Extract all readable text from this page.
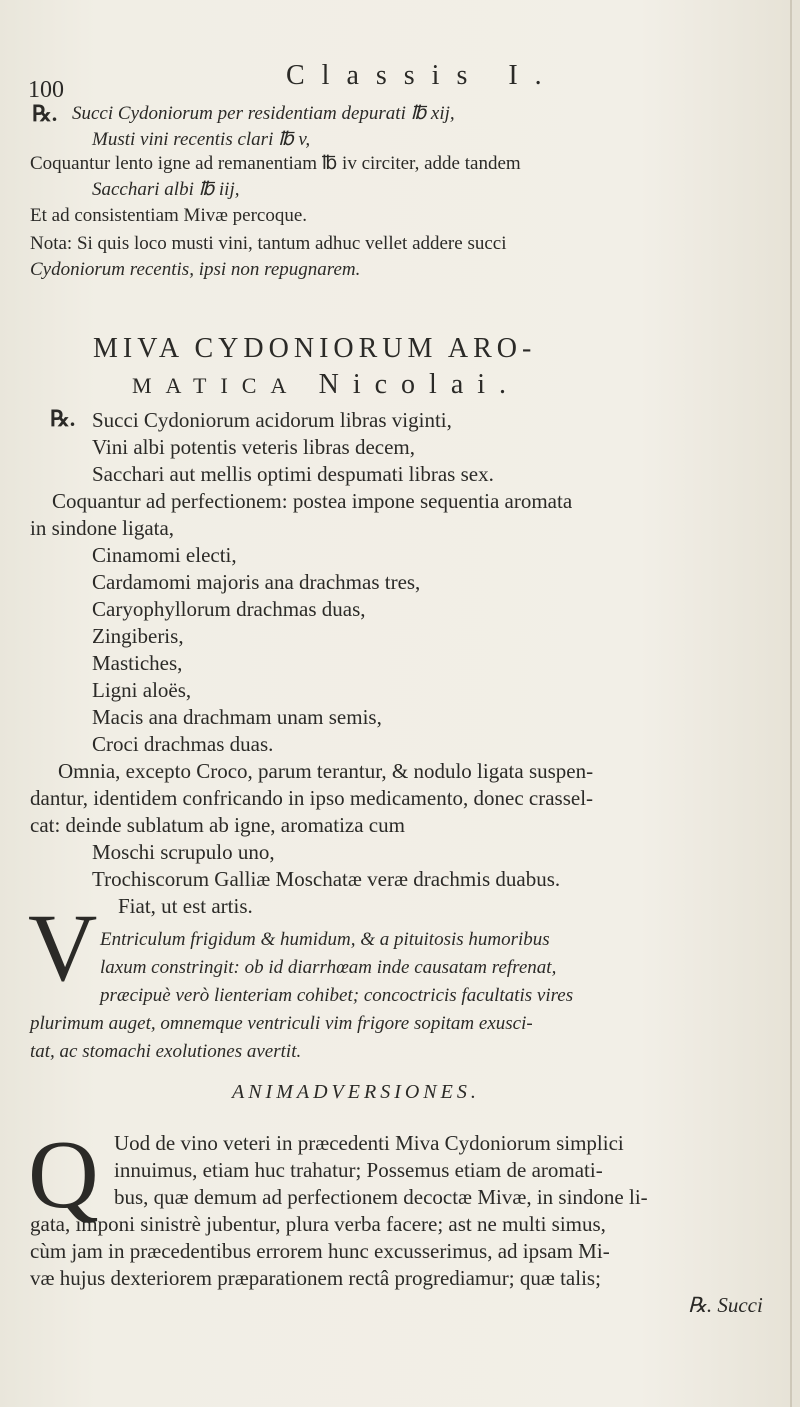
100	Classis I.
℞. Succi Cydoniorum per residentiam depurati ℔ xij,
Musti vini recentis clari ℔ v,
Coquantur lento igne ad remanentiam ℔ iv circiter, adde tandem
Sacchari albi ℔ iij,
Et ad consistentiam Mivæ percoque.
Nota: Si quis loco musti vini, tantum adhuc vellet addere succi
Cydoniorum recentis, ipsi non repugnarem.
MIVA CYDONIORUM ARO-
MATICA Nicolai.
℞. Succi Cydoniorum acidorum libras viginti,
Vini albi potentis veteris libras decem,
Sacchari aut mellis optimi despumati libras sex.
Coquantur ad perfectionem: postea impone sequentia aromata
in sindone ligata,
Cinamomi electi,
Cardamomi majoris ana drachmas tres,
Caryophyllorum drachmas duas,
Zingiberis,
Mastiches,
Ligni aloës,
Macis ana drachmam unam semis,
Croci drachmas duas.
Omnia, excepto Croco, parum terantur, & nodulo ligata suspen-
dantur, identidem confricando in ipso medicamento, donec crassel-
cat: deinde sublatum ab igne, aromatiza cum
Moschi scrupulo uno,
Trochiscorum Galliæ Moschatæ veræ drachmis duabus.
Fiat, ut est artis.
V Entriculum frigidum & humidum, & a pituitosis humoribus
laxum constringit: ob id diarrhœam inde causatam refrenat,
præcipuè verò lienteriam cohibet; concoctricis facultatis vires
plurimum auget, omnemque ventriculi vim frigore sopitam exusci-
tat, ac stomachi exolutiones avertit.
ANIMADVERSIONES.
Q Uod de vino veteri in præcedenti Miva Cydoniorum simplici
innuimus, etiam huc trahatur; Possemus etiam de aromati-
bus, quæ demum ad perfectionem decoctæ Mivæ, in sindone li-
gata, imponi sinistrè jubentur, plura verba facere; ast ne multi simus,
cùm jam in præcedentibus errorem hunc excusserimus, ad ipsam Mi-
væ hujus dexteriorem præparationem rectâ progrediamur; quæ talis;
℞. Succi
